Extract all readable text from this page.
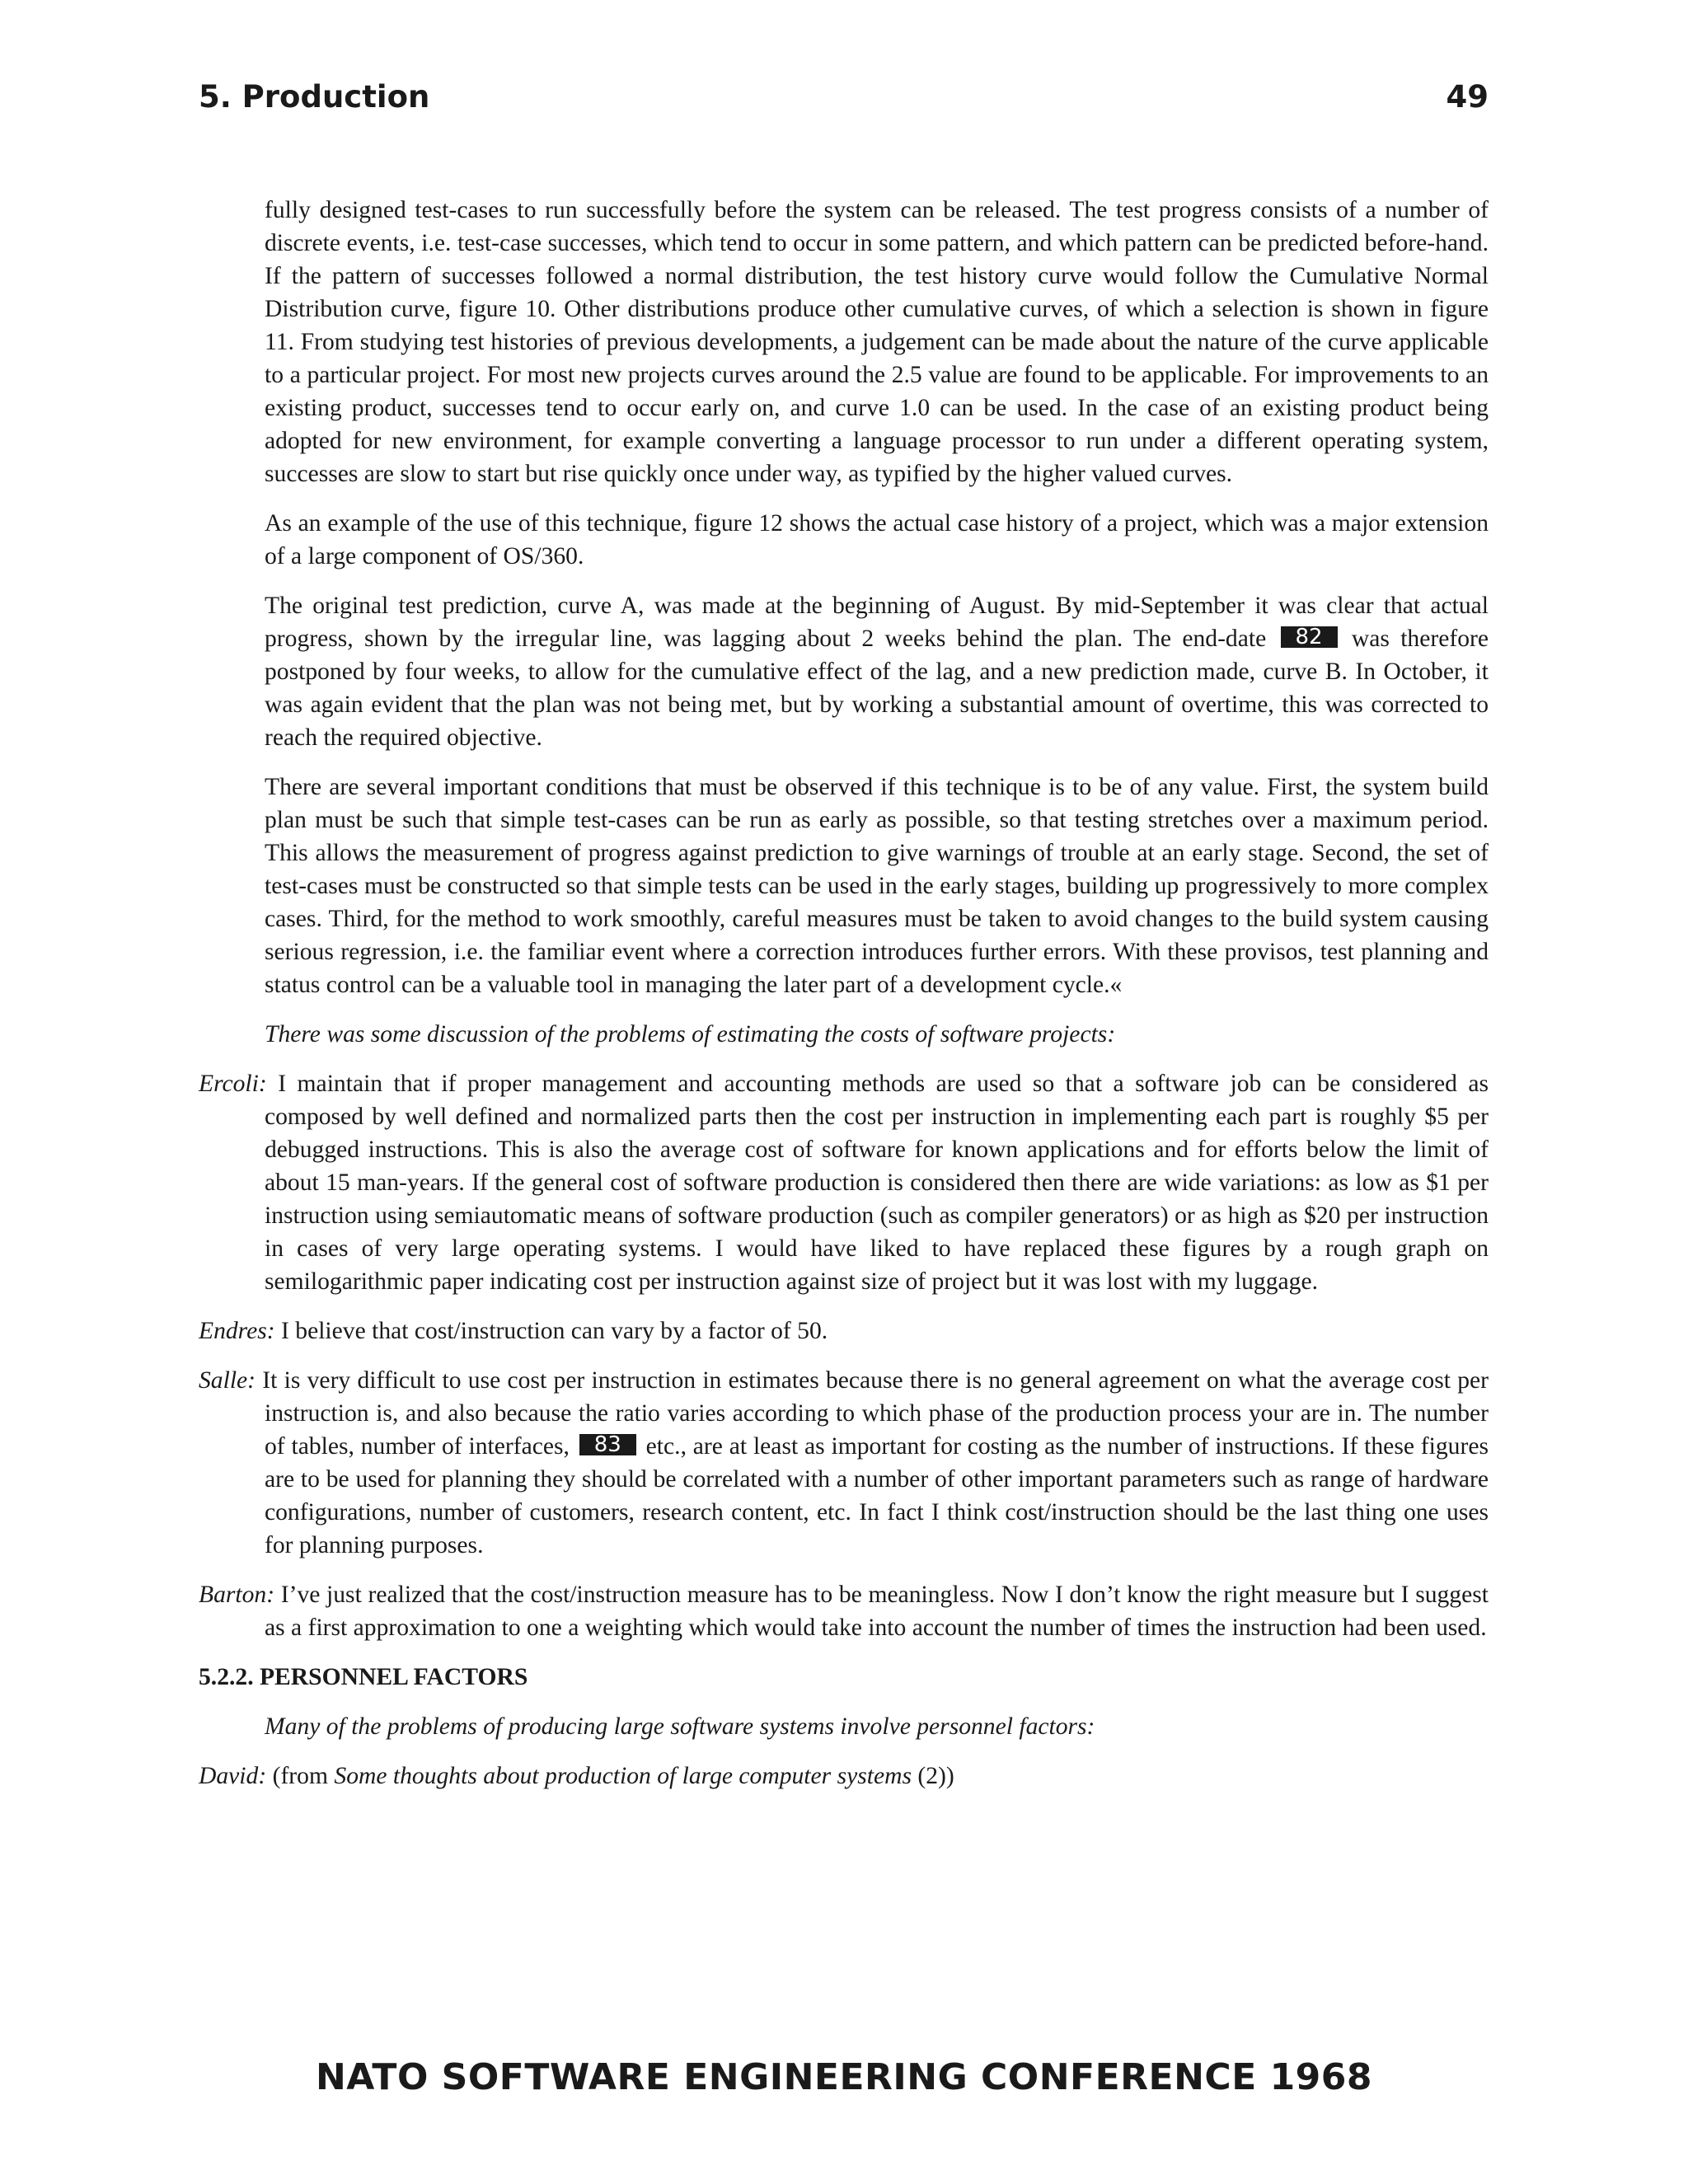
5. Production	49

fully designed test-cases to run successfully before the system can be released. The test progress consists of a number of discrete events, i.e. test-case successes, which tend to occur in some pattern, and which pattern can be predicted before-hand. If the pattern of successes followed a normal distribution, the test history curve would follow the Cumulative Normal Distribution curve, figure 10. Other distributions produce other cumulative curves, of which a selection is shown in figure 11. From studying test histories of previous developments, a judgement can be made about the nature of the curve applicable to a particular project. For most new projects curves around the 2.5 value are found to be applicable. For improvements to an existing product, successes tend to occur early on, and curve 1.0 can be used. In the case of an existing product being adopted for new environment, for example converting a language processor to run under a different operating system, successes are slow to start but rise quickly once under way, as typified by the higher valued curves.

As an example of the use of this technique, figure 12 shows the actual case history of a project, which was a major extension of a large component of OS/360.

The original test prediction, curve A, was made at the beginning of August. By mid-September it was clear that actual progress, shown by the irregular line, was lagging about 2 weeks behind the plan. The end-date 82 was therefore postponed by four weeks, to allow for the cumulative effect of the lag, and a new prediction made, curve B. In October, it was again evident that the plan was not being met, but by working a substantial amount of overtime, this was corrected to reach the required objective.

There are several important conditions that must be observed if this technique is to be of any value. First, the system build plan must be such that simple test-cases can be run as early as possible, so that testing stretches over a maximum period. This allows the measurement of progress against prediction to give warnings of trouble at an early stage. Second, the set of test-cases must be constructed so that simple tests can be used in the early stages, building up progressively to more complex cases. Third, for the method to work smoothly, careful measures must be taken to avoid changes to the build system causing serious regression, i.e. the familiar event where a correction introduces further errors. With these provisos, test planning and status control can be a valuable tool in managing the later part of a development cycle.«

There was some discussion of the problems of estimating the costs of software projects:

Ercoli: I maintain that if proper management and accounting methods are used so that a software job can be considered as composed by well defined and normalized parts then the cost per instruction in implementing each part is roughly $5 per debugged instructions. This is also the average cost of software for known applications and for efforts below the limit of about 15 man-years. If the general cost of software production is considered then there are wide variations: as low as $1 per instruction using semiautomatic means of software production (such as compiler generators) or as high as $20 per instruction in cases of very large operating systems. I would have liked to have replaced these figures by a rough graph on semilogarithmic paper indicating cost per instruction against size of project but it was lost with my luggage.

Endres: I believe that cost/instruction can vary by a factor of 50.

Salle: It is very difficult to use cost per instruction in estimates because there is no general agreement on what the average cost per instruction is, and also because the ratio varies according to which phase of the production process your are in. The number of tables, number of interfaces, 83 etc., are at least as important for costing as the number of instructions. If these figures are to be used for planning they should be correlated with a number of other important parameters such as range of hardware configurations, number of customers, research content, etc. In fact I think cost/instruction should be the last thing one uses for planning purposes.

Barton: I’ve just realized that the cost/instruction measure has to be meaningless. Now I don’t know the right measure but I suggest as a first approximation to one a weighting which would take into account the number of times the instruction had been used.

5.2.2. PERSONNEL FACTORS

Many of the problems of producing large software systems involve personnel factors:

David: (from Some thoughts about production of large computer systems (2))

NATO SOFTWARE ENGINEERING CONFERENCE 1968
